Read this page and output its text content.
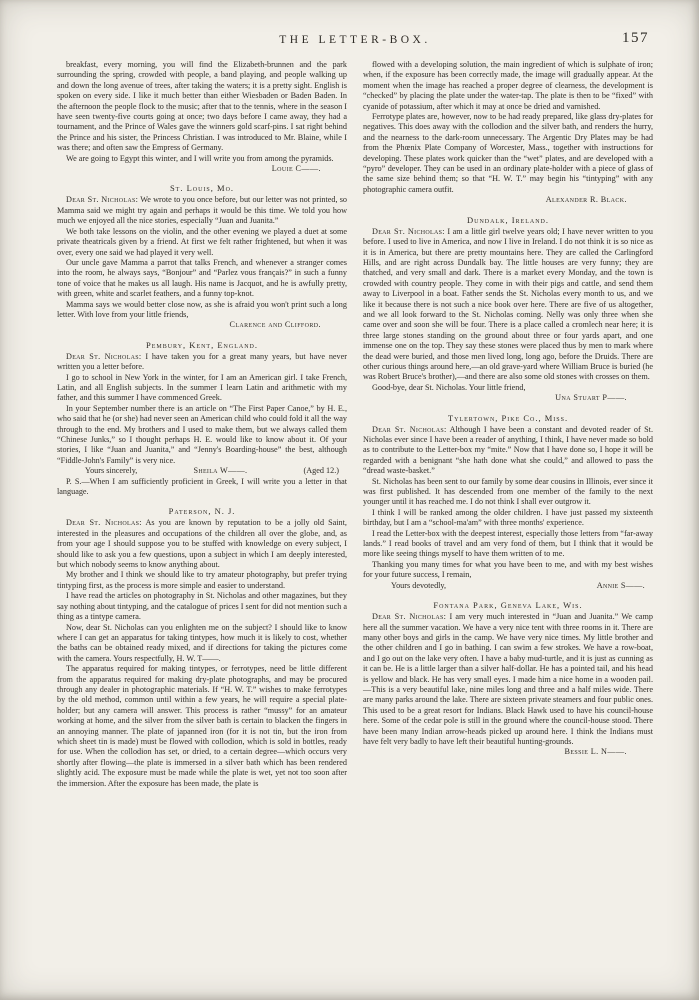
THE LETTER-BOX.	157

breakfast, every morning, you will find the Elizabeth-brunnen and the park surrounding the spring, crowded with people, a band playing, and people walking up and down the long avenue of trees, after taking the waters; it is a pretty sight. English is spoken on every side. I like it much better than either Wiesbaden or Baden Baden. In the afternoon the people flock to the music; after that to the tennis, where in the season I have seen twenty-five courts going at once; two days before I came away, they had a tournament, and the Prince of Wales gave the winners gold scarf-pins. I sat right behind the Prince and his sister, the Princess Christian. I was introduced to Mr. Blaine, while I was there; and often saw the Empress of Germany.

We are going to Egypt this winter, and I will write you from among the pyramids.

Louie C——.
St. Louis, Mo.

Dear St. Nicholas: We wrote to you once before, but our letter was not printed, so Mamma said we might try again and perhaps it would be this time. We told you how much we enjoyed all the nice stories, especially “Juan and Juanita.”

We both take lessons on the violin, and the other evening we played a duet at some private theatricals given by a friend. At first we felt rather frightened, but when it was over, every one said we had played it very well.

Our uncle gave Mamma a parrot that talks French, and whenever a stranger comes into the room, he always says, “Bonjour” and “Parlez vous français?” in such a funny tone of voice that he makes us all laugh. His name is Jacquot, and he is awfully pretty, with green, white and scarlet feathers, and a funny top-knot.

Mamma says we would better close now, as she is afraid you won't print such a long letter. With love from your little friends,

Clarence and Clifford.
Pembury, Kent, England.

Dear St. Nicholas: I have taken you for a great many years, but have never written you a letter before.

I go to school in New York in the winter, for I am an American girl. I take French, Latin, and all English subjects. In the summer I learn Latin and arithmetic with my father, and this summer I have commenced Greek.

In your September number there is an article on “The First Paper Canoe,” by H. E., who said that he (or she) had never seen an American child who could fold it all the way through to the end. My brothers and I used to make them, but we always called them “Chinese Junks,” so I thought perhaps H. E. would like to know about it. Of your stories, I like “Juan and Juanita,” and “Jenny's Boarding-house” the best, although “Fiddle-John's Family” is very nice.

Yours sincerely,	Sheila W——.	(Aged 12.)

P. S.—When I am sufficiently proficient in Greek, I will write you a letter in that language.

Paterson, N. J.

Dear St. Nicholas: As you are known by reputation to be a jolly old Saint, interested in the pleasures and occupations of the children all over the globe, and, as from your age I should suppose you to be stuffed with knowledge on every subject, I should like to ask you a few questions, upon a subject in which I am deeply interested, but which nobody seems to know anything about.

My brother and I think we should like to try amateur photography, but prefer trying tintyping first, as the process is more simple and easier to understand.

I have read the articles on photography in St. Nicholas and other magazines, but they say nothing about tintyping, and the catalogue of prices I sent for did not mention such a thing as a tintype camera.

Now, dear St. Nicholas can you enlighten me on the subject? I should like to know where I can get an apparatus for taking tintypes, how much it is likely to cost, whether the baths can be obtained ready mixed, and if directions for taking the pictures come with the camera. Yours respectfully, H. W. T——.

The apparatus required for making tintypes, or ferrotypes, need be little different from the apparatus required for making dry-plate photographs, and may be procured through any dealer in photographic materials. If “H. W. T.” wishes to make ferrotypes by the old method, common until within a few years, he will require a special plate-holder; but any camera will answer. This process is rather “mussy” for an amateur working at home, and the silver from the silver bath is certain to blacken the fingers in an annoying manner. The plate of japanned iron (for it is not tin, but the iron from which sheet tin is made) must be flowed with collodion, which is sold in bottles, ready for use. When the collodion has set, or dried, to a certain degree—which occurs very shortly after flowing—the plate is immersed in a silver bath which has been rendered slightly acid. The exposure must be made while the plate is wet, yet not too soon after the immersion. After the exposure has been made, the plate is

flowed with a developing solution, the main ingredient of which is sulphate of iron; when, if the exposure has been correctly made, the image will gradually appear. At the moment when the image has reached a proper degree of clearness, the development is “checked” by placing the plate under the water-tap. The plate is then to be “fixed” with cyanide of potassium, after which it may at once be dried and varnished.

Ferrotype plates are, however, now to be had ready prepared, like glass dry-plates for negatives. This does away with the collodion and the silver bath, and renders the hurry, and the nearness to the dark-room unnecessary. The Argentic Dry Plates may be had from the Phœnix Plate Company of Worcester, Mass., together with instructions for developing. These plates work quicker than the “wet” plates, and are developed with a “pyro” developer. They can be used in an ordinary plate-holder with a piece of glass of the same size behind them; so that “H. W. T.” may begin his “tintyping” with any photographic camera outfit.

Alexander R. Black.
Dundalk, Ireland.

Dear St. Nicholas: I am a little girl twelve years old; I have never written to you before. I used to live in America, and now I live in Ireland. I do not think it is so nice as it is in America, but there are pretty mountains here. They are called the Carlingford Hills, and are right across Dundalk bay. The little houses are very funny; they are thatched, and very small and dark. There is a market every Monday, and the town is crowded with country people. They come in with their pigs and cattle, and send them away to Liverpool in a boat. Father sends the St. Nicholas every month to us, and we like it because there is not such a nice book over here. There are five of us altogether, and we all look forward to the St. Nicholas coming. Nelly was only three when she came over and soon she will be four. There is a place called a cromlech near here; it is three large stones standing on the ground about three or four yards apart, and one immense one on the top. They say these stones were placed thus by men to mark where the dead were buried, and those men lived long, long ago, before the Druids. There are other curious things around here,—an old grave-yard where William Bruce is buried (he was Robert Bruce's brother),—and there are also some old stones with crosses on them.

Good-bye, dear St. Nicholas. Your little friend,

Una Stuart P——.
Tylertown, Pike Co., Miss.

Dear St. Nicholas: Although I have been a constant and devoted reader of St. Nicholas ever since I have been a reader of anything, I think, I have never made so bold as to contribute to the Letter-box my “mite.” Now that I have done so, I hope it will be regarded with a benignant “she hath done what she could,” and allowed to pass the “dread waste-basket.”

St. Nicholas has been sent to our family by some dear cousins in Illinois, ever since it was first published. It has descended from one member of the family to the next younger until it has reached me. I do not think I shall ever outgrow it.

I think I will be ranked among the older children. I have just passed my sixteenth birthday, but I am a “school-ma'am” with three months' experience.

I read the Letter-box with the deepest interest, especially those letters from “far-away lands.” I read books of travel and am very fond of them, but I think that it would be more like seeing things myself to have them written of to me.

Thanking you many times for what you have been to me, and with my best wishes for your future success, I remain,

Yours devotedly,	Annie S——.
Fontana Park, Geneva Lake, Wis.

Dear St. Nicholas: I am very much interested in “Juan and Juanita.” We camp here all the summer vacation. We have a very nice tent with three rooms in it. There are many other boys and girls in the camp. We have very nice times. My little brother and the other children and I go in bathing. I can swim a few strokes. We have a row-boat, and I go out on the lake very often. I have a baby mud-turtle, and it is just as cunning as it can be. He is a little larger than a silver half-dollar. He has a pointed tail, and his head is yellow and black. He has very small eyes. I made him a nice home in a wooden pail.—This is a very beautiful lake, nine miles long and three and a half miles wide. There are many parks around the lake. There are sixteen private steamers and four public ones. This used to be a great resort for Indians. Black Hawk used to have his council-house here. Some of the cedar pole is still in the ground where the council-house stood. There have been many Indian arrow-heads picked up around here. I think the Indians must have felt very badly to have left their beautiful hunting-grounds.

Bessie L. N——.
